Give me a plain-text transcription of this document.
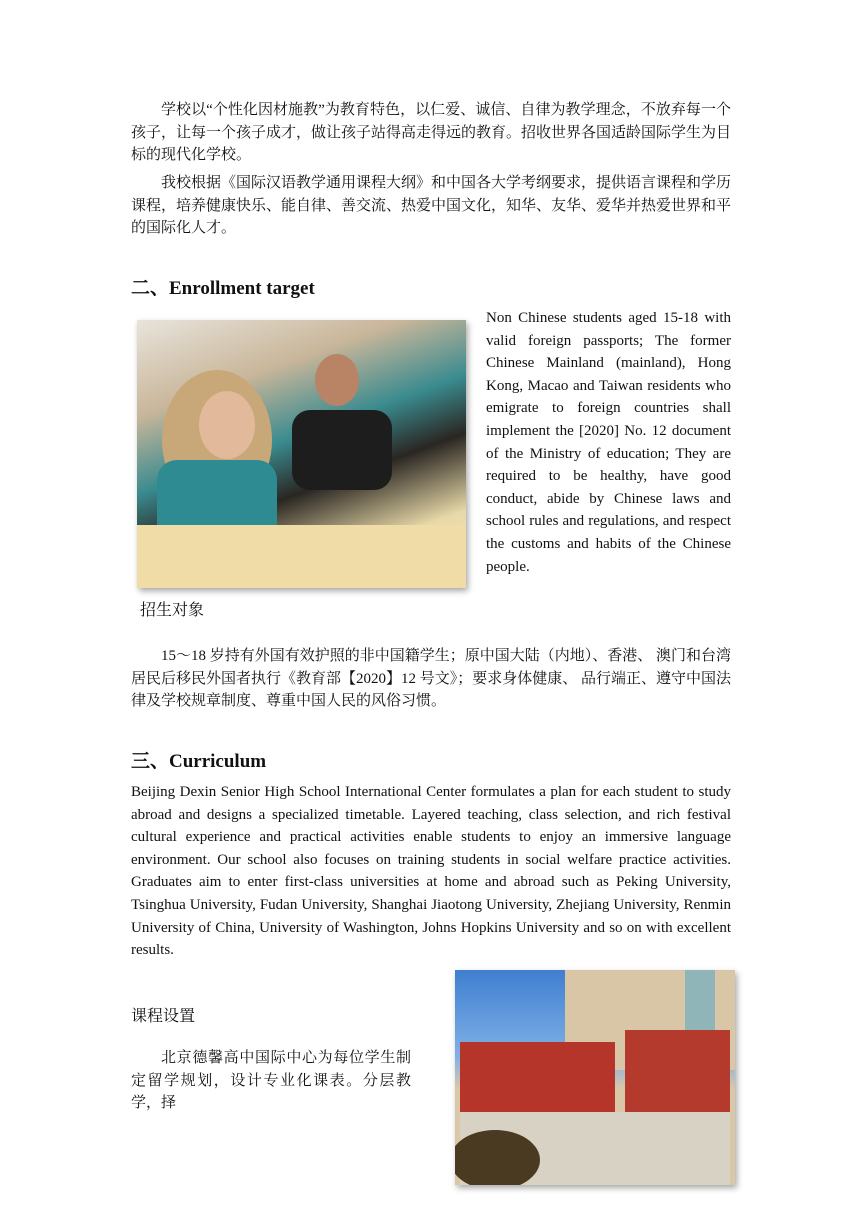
学校以“个性化因材施教”为教育特色，以仁爱、诚信、自律为教学理念，不放弃每一个孩子，让每一个孩子成才，做让孩子站得高走得远的教育。招收世界各国适龄国际学生为目标的现代化学校。

我校根据《国际汉语教学通用课程大纲》和中国各大学考纲要求，提供语言课程和学历课程，培养健康快乐、能自律、善交流、热爱中国文化，知华、友华、爱华并热爱世界和平的国际化人才。

二、Enrollment target

Non Chinese students aged 15-18 with valid foreign passports; The former Chinese Mainland (mainland), Hong Kong, Macao and Taiwan residents who emigrate to foreign countries shall implement the [2020] No. 12 document of the Ministry of education; They are required to be healthy, have good conduct, abide by Chinese laws and school rules and regulations, and respect the customs and habits of the Chinese people.

招生对象

15～18 岁持有外国有效护照的非中国籍学生；原中国大陆（内地）、香港、 澳门和台湾居民后移民外国者执行《教育部【2020】12 号文》；要求身体健康、 品行端正、遵守中国法律及学校规章制度、尊重中国人民的风俗习惯。

三、Curriculum

Beijing Dexin Senior High School International Center formulates a plan for each student to study abroad and designs a specialized timetable. Layered teaching, class selection, and rich festival cultural experience and practical activities enable students to enjoy an immersive language environment. Our school also focuses on training students in social welfare practice activities. Graduates aim to enter first-class universities at home and abroad such as Peking University, Tsinghua University, Fudan University, Shanghai Jiaotong University, Zhejiang University, Renmin University of China, University of Washington, Johns Hopkins University and so on with excellent results.

课程设置

北京德馨高中国际中心为每位学生制定留学规划，设计专业化课表。分层教学，择
